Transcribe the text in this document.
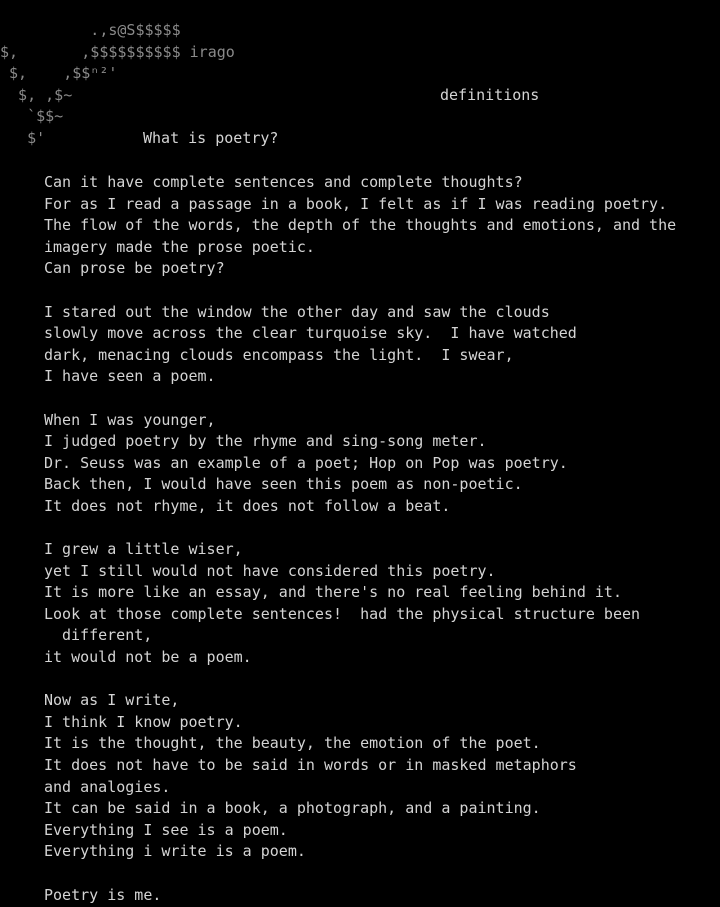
.,s@S$$$$$
$,       ,$$$$$$$$$$ irago
$,    ,$$ⁿ²'
$, ,$~
`$$~
$'
definitions
What is poetry?
Can it have complete sentences and complete thoughts?
For as I read a passage in a book, I felt as if I was reading poetry.
The flow of the words, the depth of the thoughts and emotions, and the
imagery made the prose poetic.
Can prose be poetry?
I stared out the window the other day and saw the clouds
slowly move across the clear turquoise sky.  I have watched
dark, menacing clouds encompass the light.  I swear,
I have seen a poem.
When I was younger,
I judged poetry by the rhyme and sing-song meter.
Dr. Seuss was an example of a poet; Hop on Pop was poetry.
Back then, I would have seen this poem as non-poetic.
It does not rhyme, it does not follow a beat.
I grew a little wiser,
yet I still would not have considered this poetry.
It is more like an essay, and there's no real feeling behind it.
Look at those complete sentences!  had the physical structure been
different,
it would not be a poem.
Now as I write,
I think I know poetry.
It is the thought, the beauty, the emotion of the poet.
It does not have to be said in words or in masked metaphors
and analogies.
It can be said in a book, a photograph, and a painting.
Everything I see is a poem.
Everything i write is a poem.
Poetry is me.
